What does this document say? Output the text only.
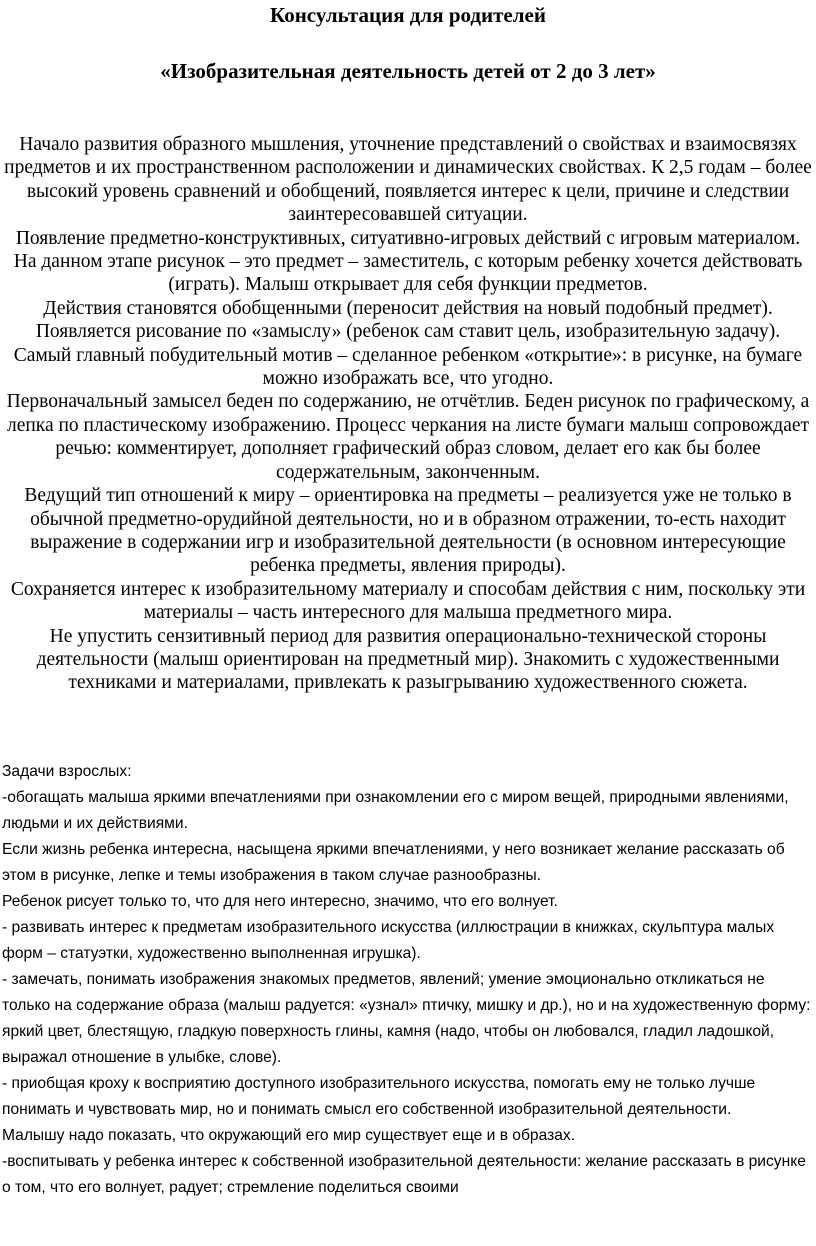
Консультация для родителей
«Изобразительная деятельность детей от 2 до 3 лет»

Начало развития образного мышления, уточнение представлений о свойствах и взаимосвязях предметов и их пространственном расположении и динамических свойствах. К 2,5 годам – более высокий уровень сравнений и обобщений, появляется интерес к цели, причине и следствии заинтересовавшей ситуации.

Появление предметно-конструктивных, ситуативно-игровых действий с игровым материалом.

На данном этапе рисунок – это предмет – заместитель, с которым ребенку хочется действовать (играть). Малыш открывает для себя функции предметов.

Действия становятся обобщенными (переносит действия на новый подобный предмет).

Появляется рисование по «замыслу» (ребенок сам ставит цель, изобразительную задачу).

Самый главный побудительный мотив – сделанное ребенком «открытие»: в рисунке, на бумаге можно изображать все, что угодно.

Первоначальный замысел беден по содержанию, не отчётлив. Беден рисунок по графическому, а лепка по пластическому изображению. Процесс черкания на листе бумаги малыш сопровождает речью: комментирует, дополняет графический образ словом, делает его как бы более содержательным, законченным.

Ведущий тип отношений к миру – ориентировка на предметы – реализуется уже не только в обычной предметно-орудийной деятельности, но и в образном отражении, то-есть находит выражение в содержании игр и изобразительной деятельности (в основном интересующие ребенка предметы, явления природы).

Сохраняется интерес к изобразительному материалу и способам действия с ним, поскольку эти материалы – часть интересного для малыша предметного мира.

Не упустить сензитивный период для развития операционально-технической стороны деятельности (малыш ориентирован на предметный мир). Знакомить с художественными техниками и материалами, привлекать к разыгрыванию художественного сюжета.

Задачи взрослых:

-обогащать малыша яркими впечатлениями при ознакомлении его с миром вещей, природными явлениями, людьми и их действиями.

Если жизнь ребенка интересна, насыщена яркими впечатлениями, у него возникает желание рассказать об этом в рисунке, лепке и темы изображения в таком случае разнообразны.

Ребенок рисует только то, что для него интересно, значимо, что его волнует.

- развивать интерес к предметам изобразительного искусства (иллюстрации в книжках, скульптура малых форм – статуэтки, художественно выполненная игрушка).

- замечать, понимать изображения знакомых предметов, явлений; умение эмоционально откликаться не только на содержание образа (малыш радуется: «узнал» птичку, мишку и др.), но и на художественную форму: яркий цвет, блестящую, гладкую поверхность глины, камня (надо, чтобы он любовался, гладил ладошкой, выражал отношение в улыбке, слове).

- приобщая кроху к восприятию доступного изобразительного искусства, помогать ему не только лучше понимать и чувствовать мир, но и понимать смысл его собственной изобразительной деятельности.

Малышу надо показать, что окружающий его мир существует еще и в образах.

-воспитывать у ребенка интерес к собственной изобразительной деятельности: желание рассказать в рисунке о том, что его волнует, радует; стремление поделиться своими
